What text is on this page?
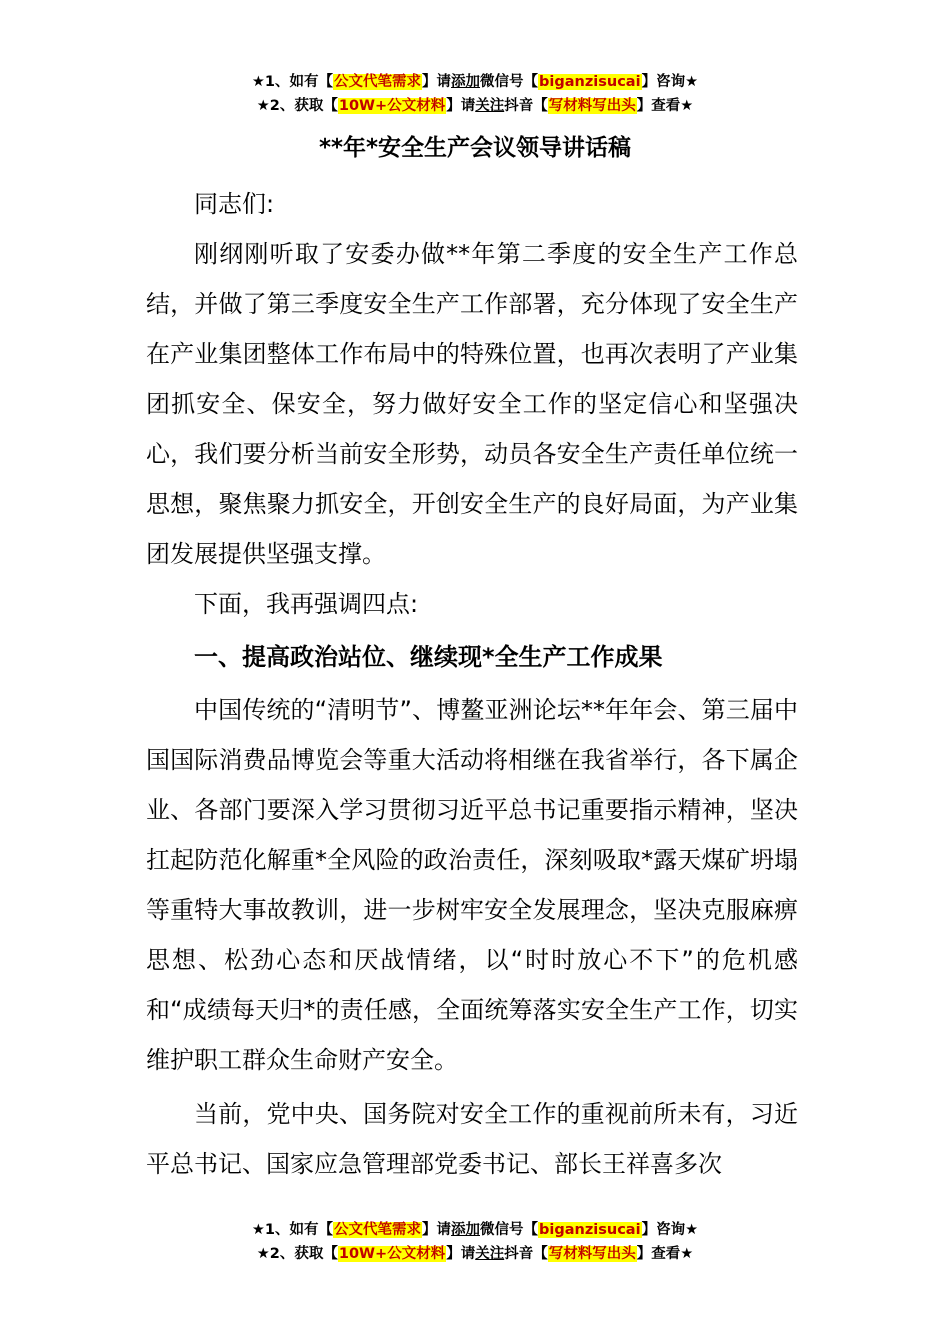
★1、如有【公文代笔需求】请添加微信号【biganzisucai】咨询★
★2、获取【10W+公文材料】请关注抖音【写材料写出头】查看★
**年*安全生产会议领导讲话稿

同志们:

刚纲刚听取了安委办做**年第二季度的安全生产工作总结，并做了第三季度安全生产工作部署，充分体现了安全生产在产业集团整体工作布局中的特殊位置，也再次表明了产业集团抓安全、保安全，努力做好安全工作的坚定信心和坚强决心，我们要分析当前安全形势，动员各安全生产责任单位统一思想，聚焦聚力抓安全，开创安全生产的良好局面，为产业集团发展提供坚强支撑。

下面，我再强调四点:

一、提高政治站位、继续现*全生产工作成果

中国传统的“清明节”、博鳌亚洲论坛**年年会、第三届中国国际消费品博览会等重大活动将相继在我省举行，各下属企业、各部门要深入学习贯彻习近平总书记重要指示精神，坚决扛起防范化解重*全风险的政治责任，深刻吸取*露天煤矿坍塌等重特大事故教训，进一步树牢安全发展理念，坚决克服麻痹思想、松劲心态和厌战情绪，以“时时放心不下”的危机感和“成绩每天归*的责任感，全面统筹落实安全生产工作，切实维护职工群众生命财产安全。

当前，党中央、国务院对安全工作的重视前所未有，习近平总书记、国家应急管理部党委书记、部长王祥喜多次

★1、如有【公文代笔需求】请添加微信号【biganzisucai】咨询★
★2、获取【10W+公文材料】请关注抖音【写材料写出头】查看★
